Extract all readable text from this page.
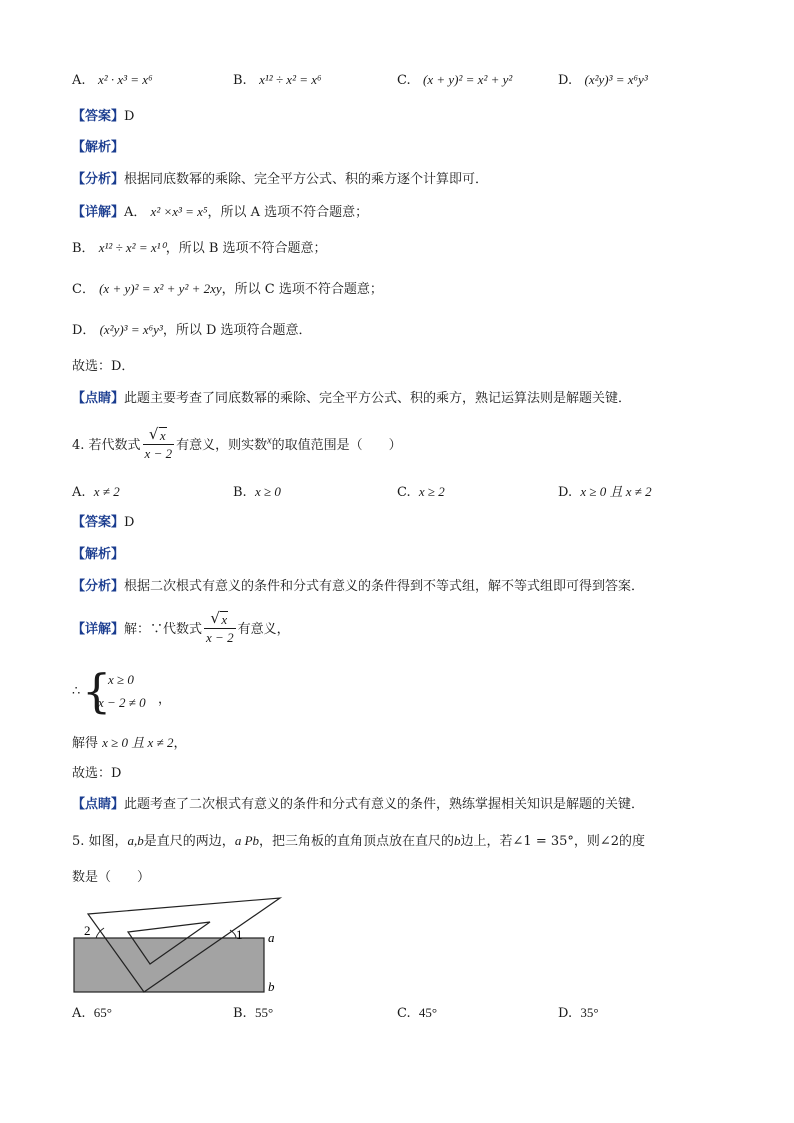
A. x² · x³ = x⁶	B. x¹² ÷ x² = x⁶	C. (x + y)² = x² + y²	D. (x²y)³ = x⁶y³
【答案】D
【解析】
【分析】根据同底数幂的乘除、完全平方公式、积的乘方逐个计算即可．
【详解】A． x² ×x³ = x⁵，所以 A 选项不符合题意；
B． x¹² ÷ x² = x¹⁰，所以 B 选项不符合题意；
C． (x + y)² = x² + y² + 2xy，所以 C 选项不符合题意；
D． (x²y)³ = x⁶y³，所以 D 选项符合题意．
故选：D．
【点睛】此题主要考查了同底数幂的乘除、完全平方公式、积的乘方，熟记运算法则是解题关键．
4. 若代数式 √ $\frac{x}{x - 2}$ 有意义，则实数$^x$的取值范围是（　　）
A. x ≠ 2	B. x ≥ 0	C. x ≥ 2	D. x ≥ 0 且 x ≠ 2
【答案】D
【解析】
【分析】根据二次根式有意义的条件和分式有意义的条件得到不等式组，解不等式组即可得到答案．
【详解】解：∵代数式 √ $\frac{x}{x - 2}$ 有意义，
∴ {
x ≥ 0
x − 2 ≠ 0 ，
解得 x ≥ 0 且 x ≠ 2，
故选：D
【点睛】此题考查了二次根式有意义的条件和分式有意义的条件，熟练掌握相关知识是解题的关键．
5. 如图，a,b是直尺的两边，a Pb，把三角板的直角顶点放在直尺的b边上，若∠1 = 35°，则∠2的度
数是（　　）
1
2	a
b
A. 65°	B. 55°	C. 45°	D. 35°
